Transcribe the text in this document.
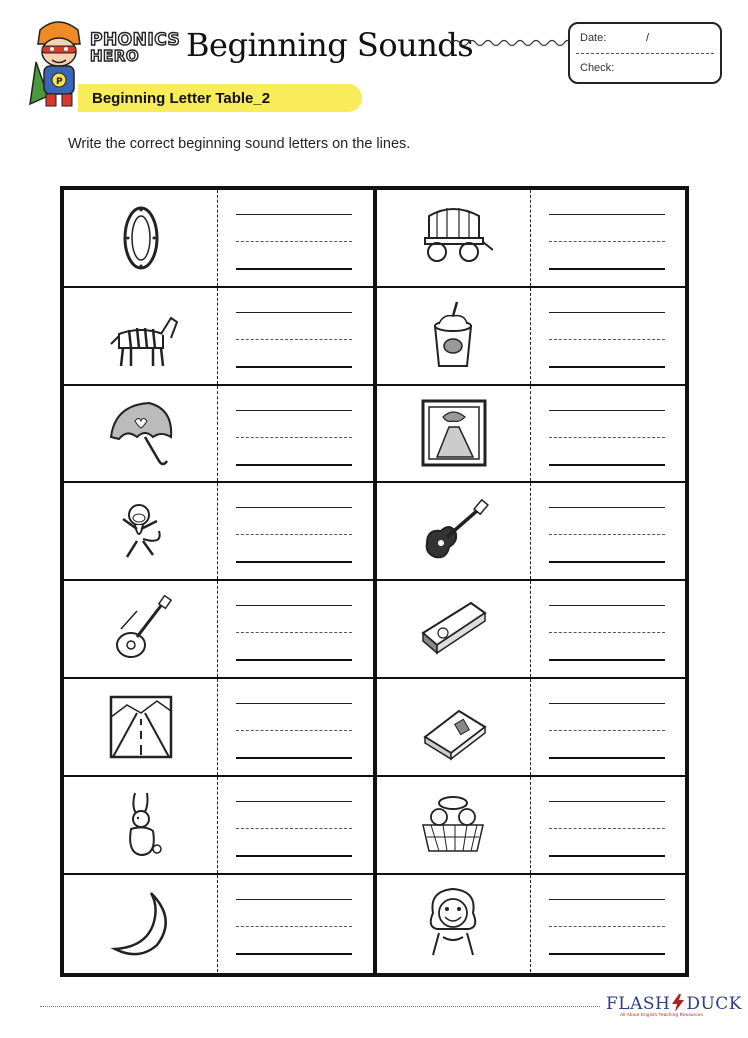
P
PHONICS
HERO Beginning Sounds	Date:	/
Check:
Beginning Letter Table_2
Write the correct beginning sound letters on the lines.
FLASH DUCK
All About English Teaching Resources
